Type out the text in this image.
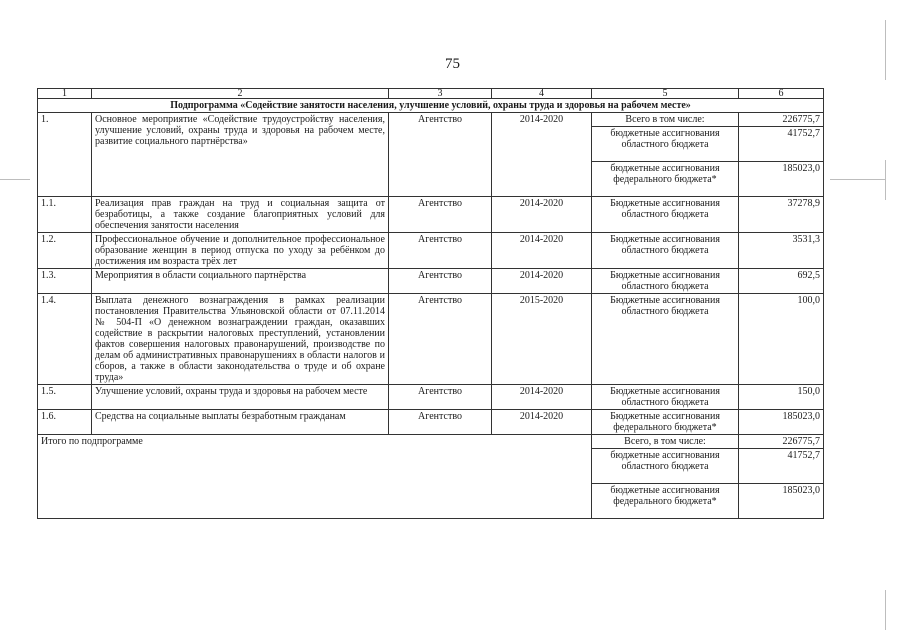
75
1	2	3	4	5	6
Подпрограмма «Содействие занятости населения, улучшение условий, охраны труда и здоровья на рабочем месте»					
1.	Основное мероприятие «Содействие трудоустройству населения, улучшение условий, охраны труда и здоровья на рабочем месте, развитие социального партнёрства»	Агентство	2014-2020	Всего в том числе:	226775,7
				бюджетные ассигнования областного бюджета	41752,7
				бюджетные ассигнования федерального бюджета*	185023,0
1.1.	Реализация прав граждан на труд и социальная защита от безработицы, а также создание благоприятных условий для обеспечения занятости населения	Агентство	2014-2020	Бюджетные ассигнования областного бюджета	37278,9
1.2.	Профессиональное обучение и дополнительное профессиональное образование женщин в период отпуска по уходу за ребёнком до достижения им возраста трёх лет	Агентство	2014-2020	Бюджетные ассигнования областного бюджета	3531,3
1.3.	Мероприятия в области социального партнёрства	Агентство	2014-2020	Бюджетные ассигнования областного бюджета	692,5
1.4.	Выплата денежного вознаграждения в рамках реализации постановления Правительства Ульяновской области от 07.11.2014 № 504-П «О денежном вознаграждении граждан, оказавших содействие в раскрытии налоговых преступлений, установлении фактов совершения налоговых правонарушений, производстве по делам об административных правонарушениях в области налогов и сборов, а также в области законодательства о труде и об охране труда»	Агентство	2015-2020	Бюджетные ассигнования областного бюджета	100,0
1.5.	Улучшение условий, охраны труда и здоровья на рабочем месте	Агентство	2014-2020	Бюджетные ассигнования областного бюджета	150,0
1.6.	Средства на социальные выплаты безработным гражданам	Агентство	2014-2020	Бюджетные ассигнования федерального бюджета*	185023,0
Итого по подпрограмме				Всего, в том числе:	226775,7
				бюджетные ассигнования областного бюджета	41752,7
				бюджетные ассигнования федерального бюджета*	185023,0
